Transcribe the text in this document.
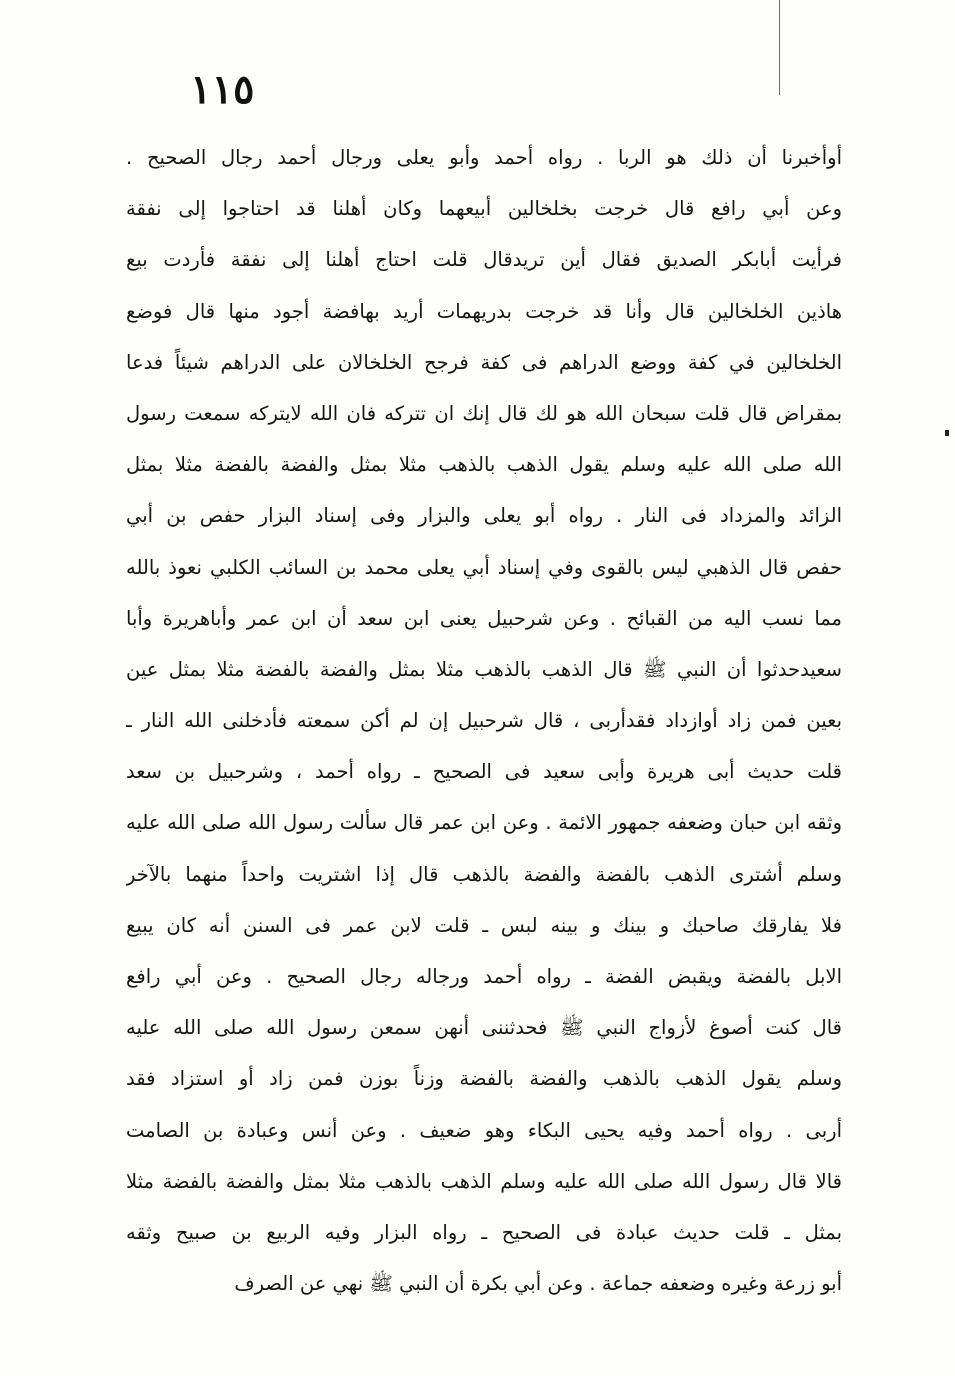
١١٥
أوأخبرنا أن ذلك هو الربا . رواه أحمد وأبو يعلى ورجال أحمد رجال الصحيح .
وعن أبي رافع قال خرجت بخلخالين أبيعهما وكان أهلنا قد احتاجوا إلى نفقة
فرأيت أبابكر الصديق فقال أين تريدقال قلت احتاج أهلنا إلى نفقة فأردت بيع
هاذين الخلخالين قال وأنا قد خرجت بدريهمات أريد بهافضة أجود منها قال فوضع
الخلخالين في كفة ووضع الدراهم فى كفة فرجح الخلخالان على الدراهم شيئاً فدعا
بمقراض قال قلت سبحان الله هو لك قال إنك ان تتركه فان الله لايتركه سمعت رسول
الله صلى الله عليه وسلم يقول الذهب بالذهب مثلا بمثل والفضة بالفضة مثلا بمثل
الزائد والمزداد فى النار . رواه أبو يعلى والبزار وفى إسناد البزار حفص بن أبي
حفص قال الذهبي ليس بالقوى وفي إسناد أبي يعلى محمد بن السائب الكلبي نعوذ بالله
مما نسب اليه من القبائح . وعن شرحبيل يعنى ابن سعد أن ابن عمر وأباهريرة وأبا
سعيدحدثوا أن النبي ﷺ قال الذهب بالذهب مثلا بمثل والفضة بالفضة مثلا بمثل عين
بعين فمن زاد أوازداد فقدأربى ، قال شرحبيل إن لم أكن سمعته فأدخلنى الله النار ـ
قلت حديث أبى هريرة وأبى سعيد فى الصحيح ـ رواه أحمد ، وشرحبيل بن سعد
وثقه ابن حبان وضعفه جمهور الائمة . وعن ابن عمر قال سألت رسول الله صلى الله عليه
وسلم أشترى الذهب بالفضة والفضة بالذهب قال إذا اشتريت واحداً منهما بالآخر
فلا يفارقك صاحبك و بينك و بينه لبس ـ قلت لابن عمر فى السنن أنه كان يبيع
الابل بالفضة ويقبض الفضة ـ رواه أحمد ورجاله رجال الصحيح . وعن أبي رافع
قال كنت أصوغ لأزواج النبي ﷺ فحدثننى أنهن سمعن رسول الله صلى الله عليه
وسلم يقول الذهب بالذهب والفضة بالفضة وزناً بوزن فمن زاد أو استزاد فقد
أربى . رواه أحمد وفيه يحيى البكاء وهو ضعيف . وعن أنس وعبادة بن الصامت
قالا قال رسول الله صلى الله عليه وسلم الذهب بالذهب مثلا بمثل والفضة بالفضة مثلا
بمثل ـ قلت حديث عبادة فى الصحيح ـ رواه البزار وفيه الربيع بن صبيح وثقه
أبو زرعة وغيره وضعفه جماعة . وعن أبي بكرة أن النبي ﷺ نهي عن الصرف
